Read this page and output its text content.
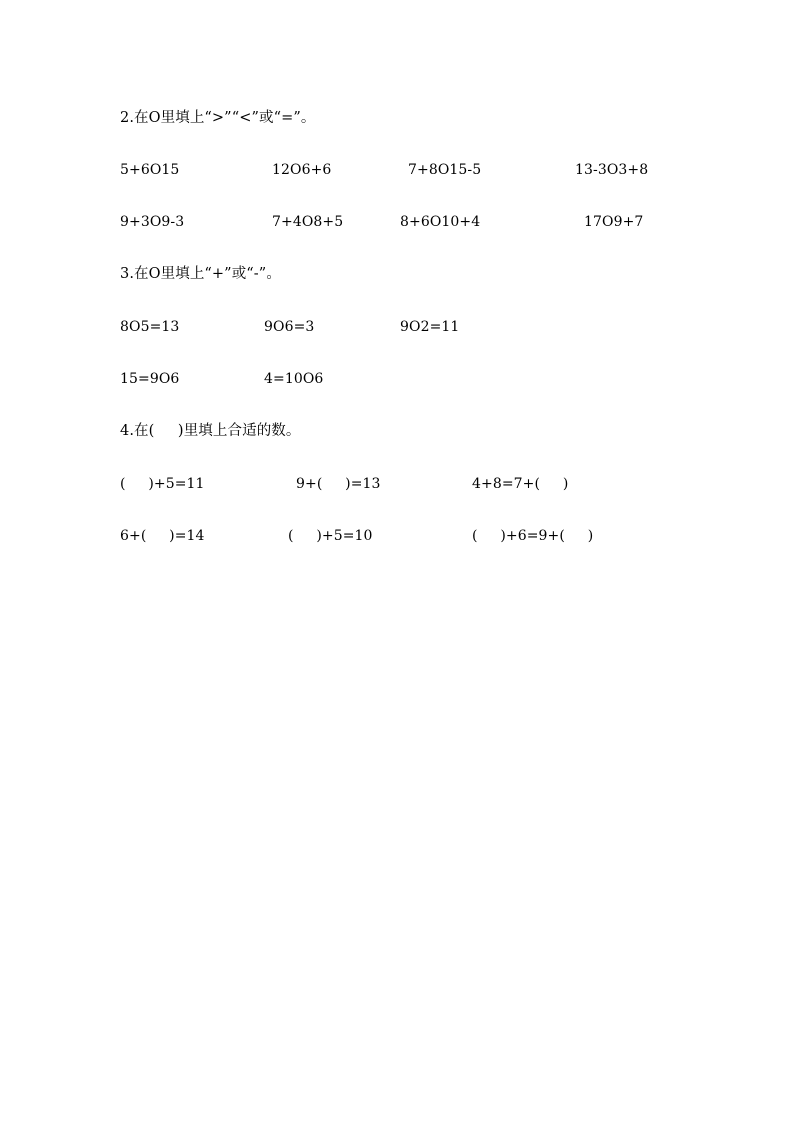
2.在O里填上“>”“<”或“=”。
5+6O15	12O6+6	7+8O15-5	13-3O3+8
9+3O9-3	7+4O8+5	8+6O10+4	17O9+7
3.在O里填上“+”或“-”。
8O5=13	9O6=3	9O2=11
15=9O6	4=10O6
4.在(     )里填上合适的数。
(     )+5=11	9+(     )=13	4+8=7+(     )
6+(     )=14	(     )+5=10	(     )+6=9+(     )
